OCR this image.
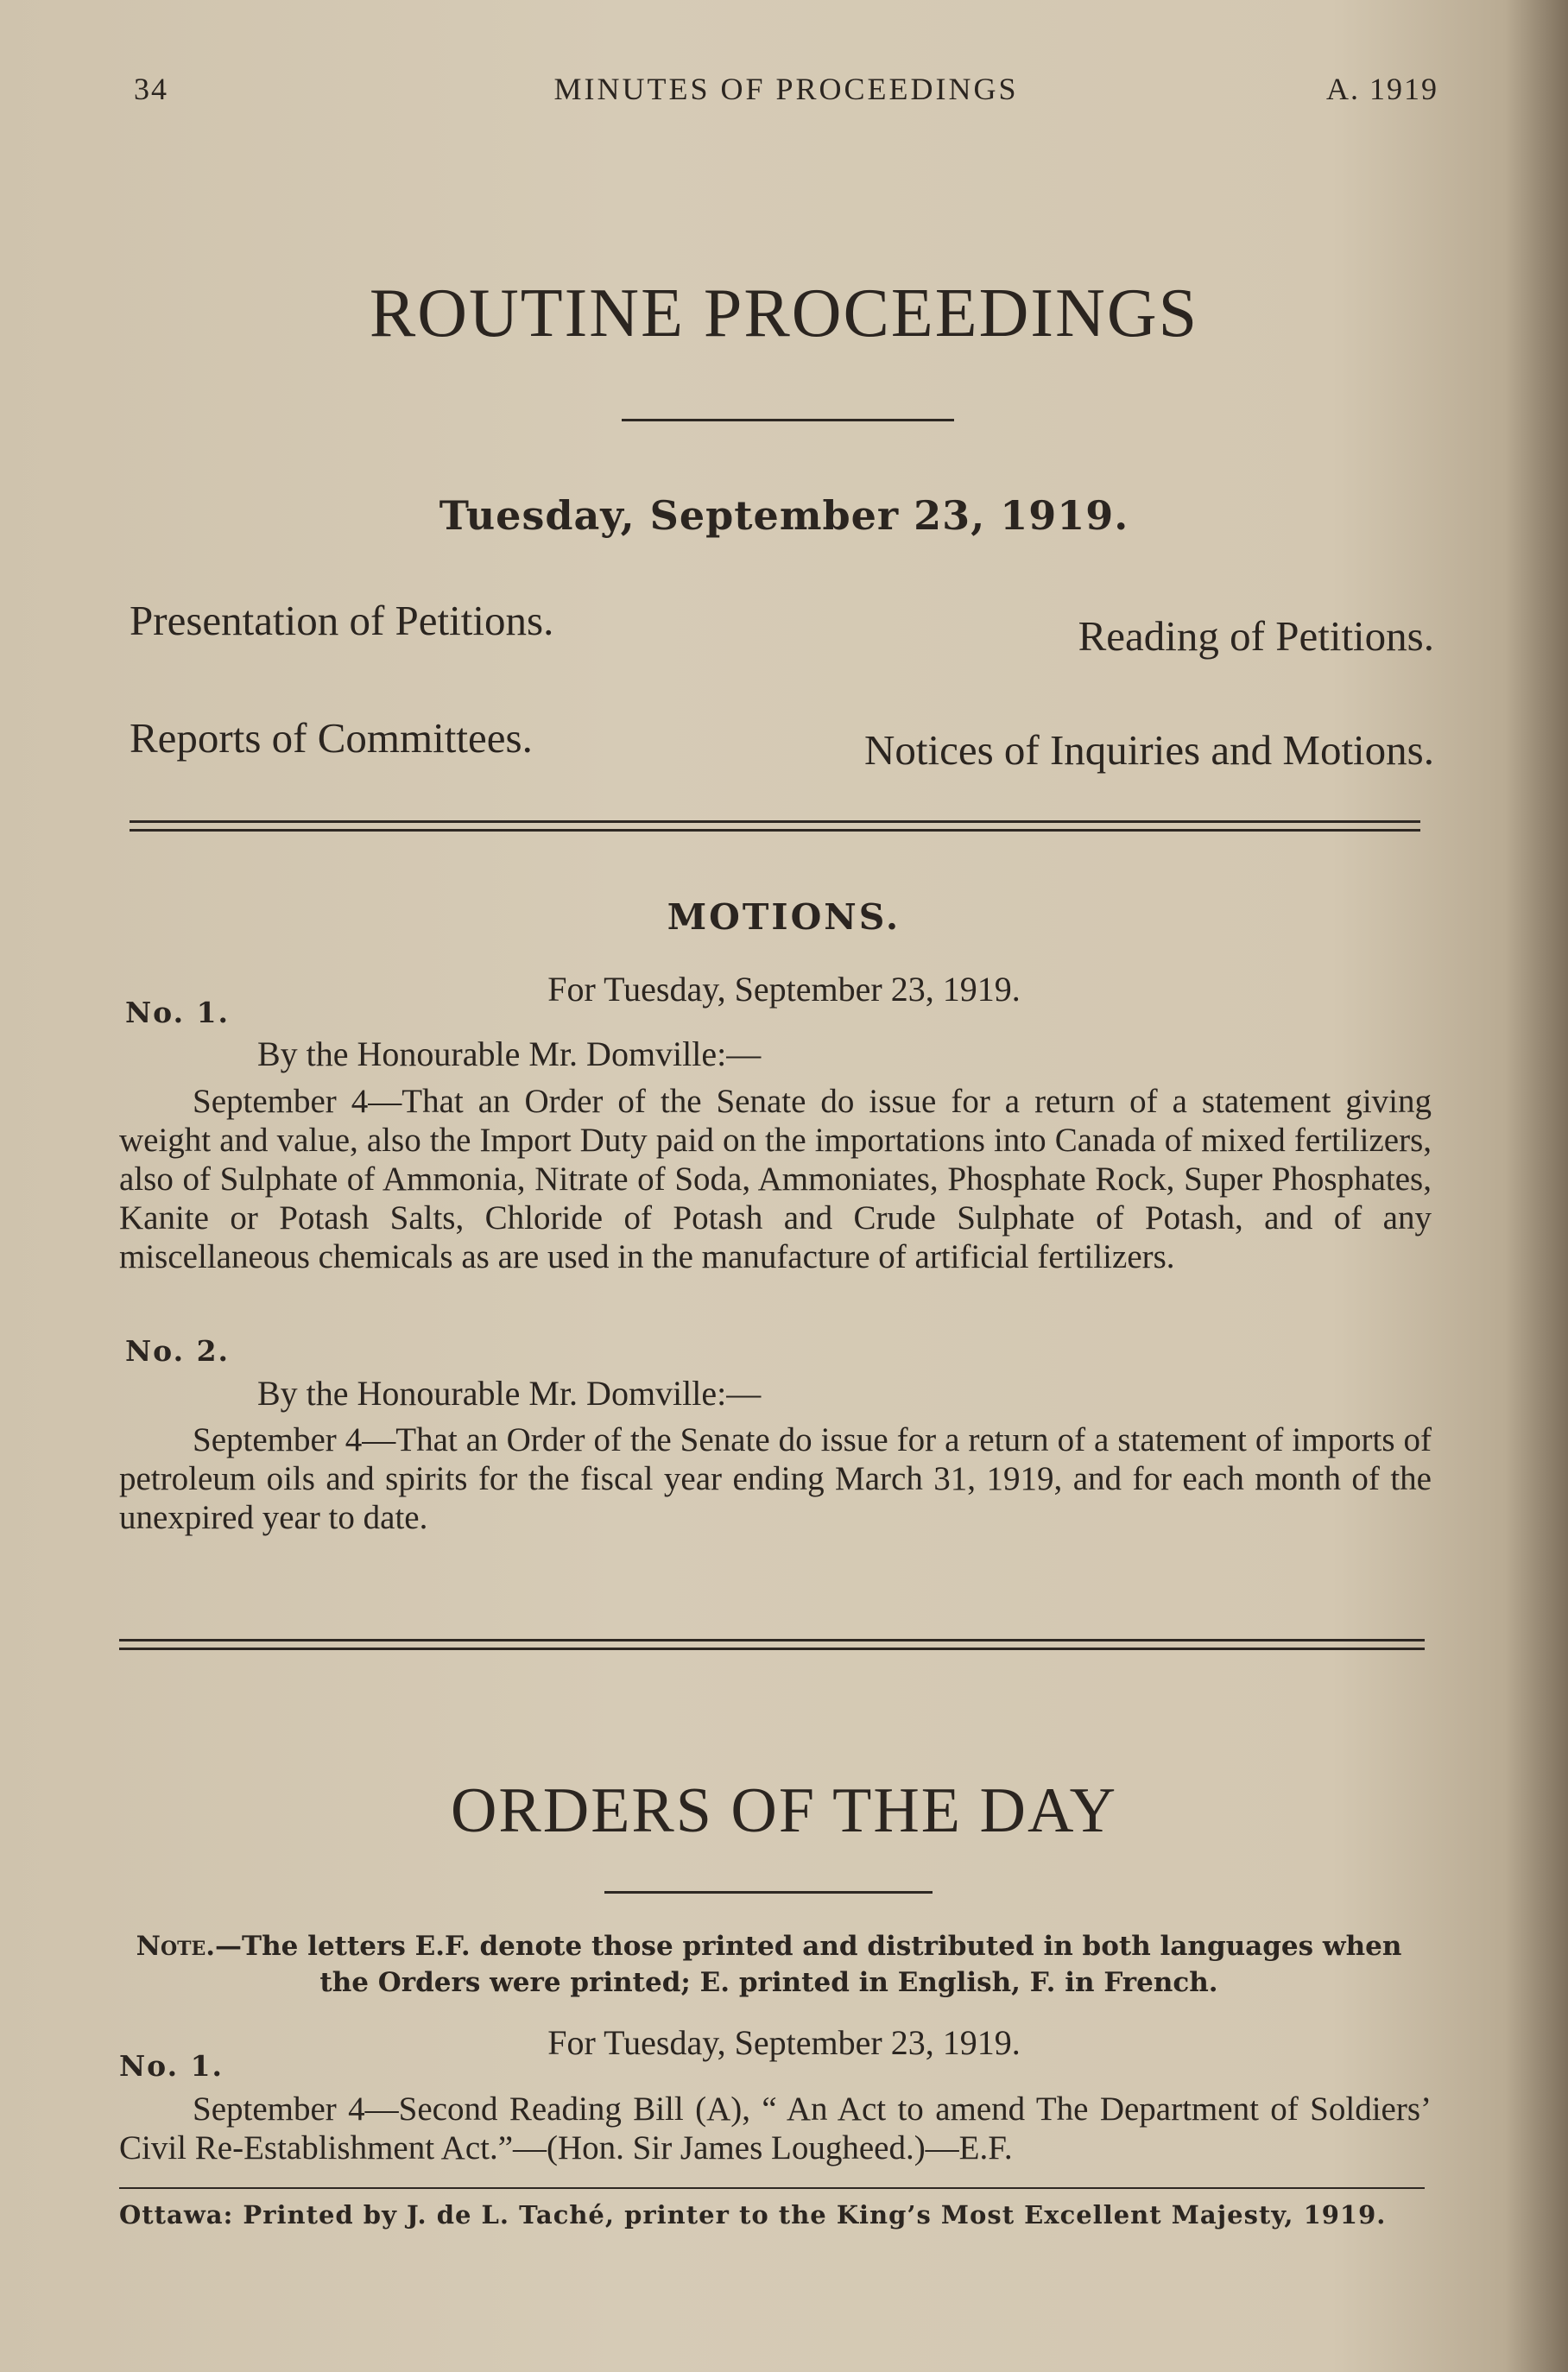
34	MINUTES OF PROCEEDINGS	A. 1919
ROUTINE PROCEEDINGS
Tuesday, September 23, 1919.
Presentation of Petitions.	Reading of Petitions.
Reports of Committees.	Notices of Inquiries and Motions.
MOTIONS.
For Tuesday, September 23, 1919.
No. 1.
By the Honourable Mr. Domville:—
September 4—That an Order of the Senate do issue for a return of a statement giving weight and value, also the Import Duty paid on the importations into Canada of mixed fertilizers, also of Sulphate of Ammonia, Nitrate of Soda, Ammoniates, Phosphate Rock, Super Phosphates, Kanite or Potash Salts, Chloride of Potash and Crude Sulphate of Potash, and of any miscellaneous chemicals as are used in the manufacture of artificial fertilizers.
No. 2.
By the Honourable Mr. Domville:—
September 4—That an Order of the Senate do issue for a return of a statement of imports of petroleum oils and spirits for the fiscal year ending March 31, 1919, and for each month of the unexpired year to date.
ORDERS OF THE DAY
Note.—The letters E.F. denote those printed and distributed in both languages when the Orders were printed; E. printed in English, F. in French.
For Tuesday, September 23, 1919.
No. 1.
September 4—Second Reading Bill (A), “ An Act to amend The Department of Soldiers’ Civil Re-Establishment Act.”—(Hon. Sir James Lougheed.)—E.F.
Ottawa: Printed by J. de L. Taché, printer to the King’s Most Excellent Majesty, 1919.
